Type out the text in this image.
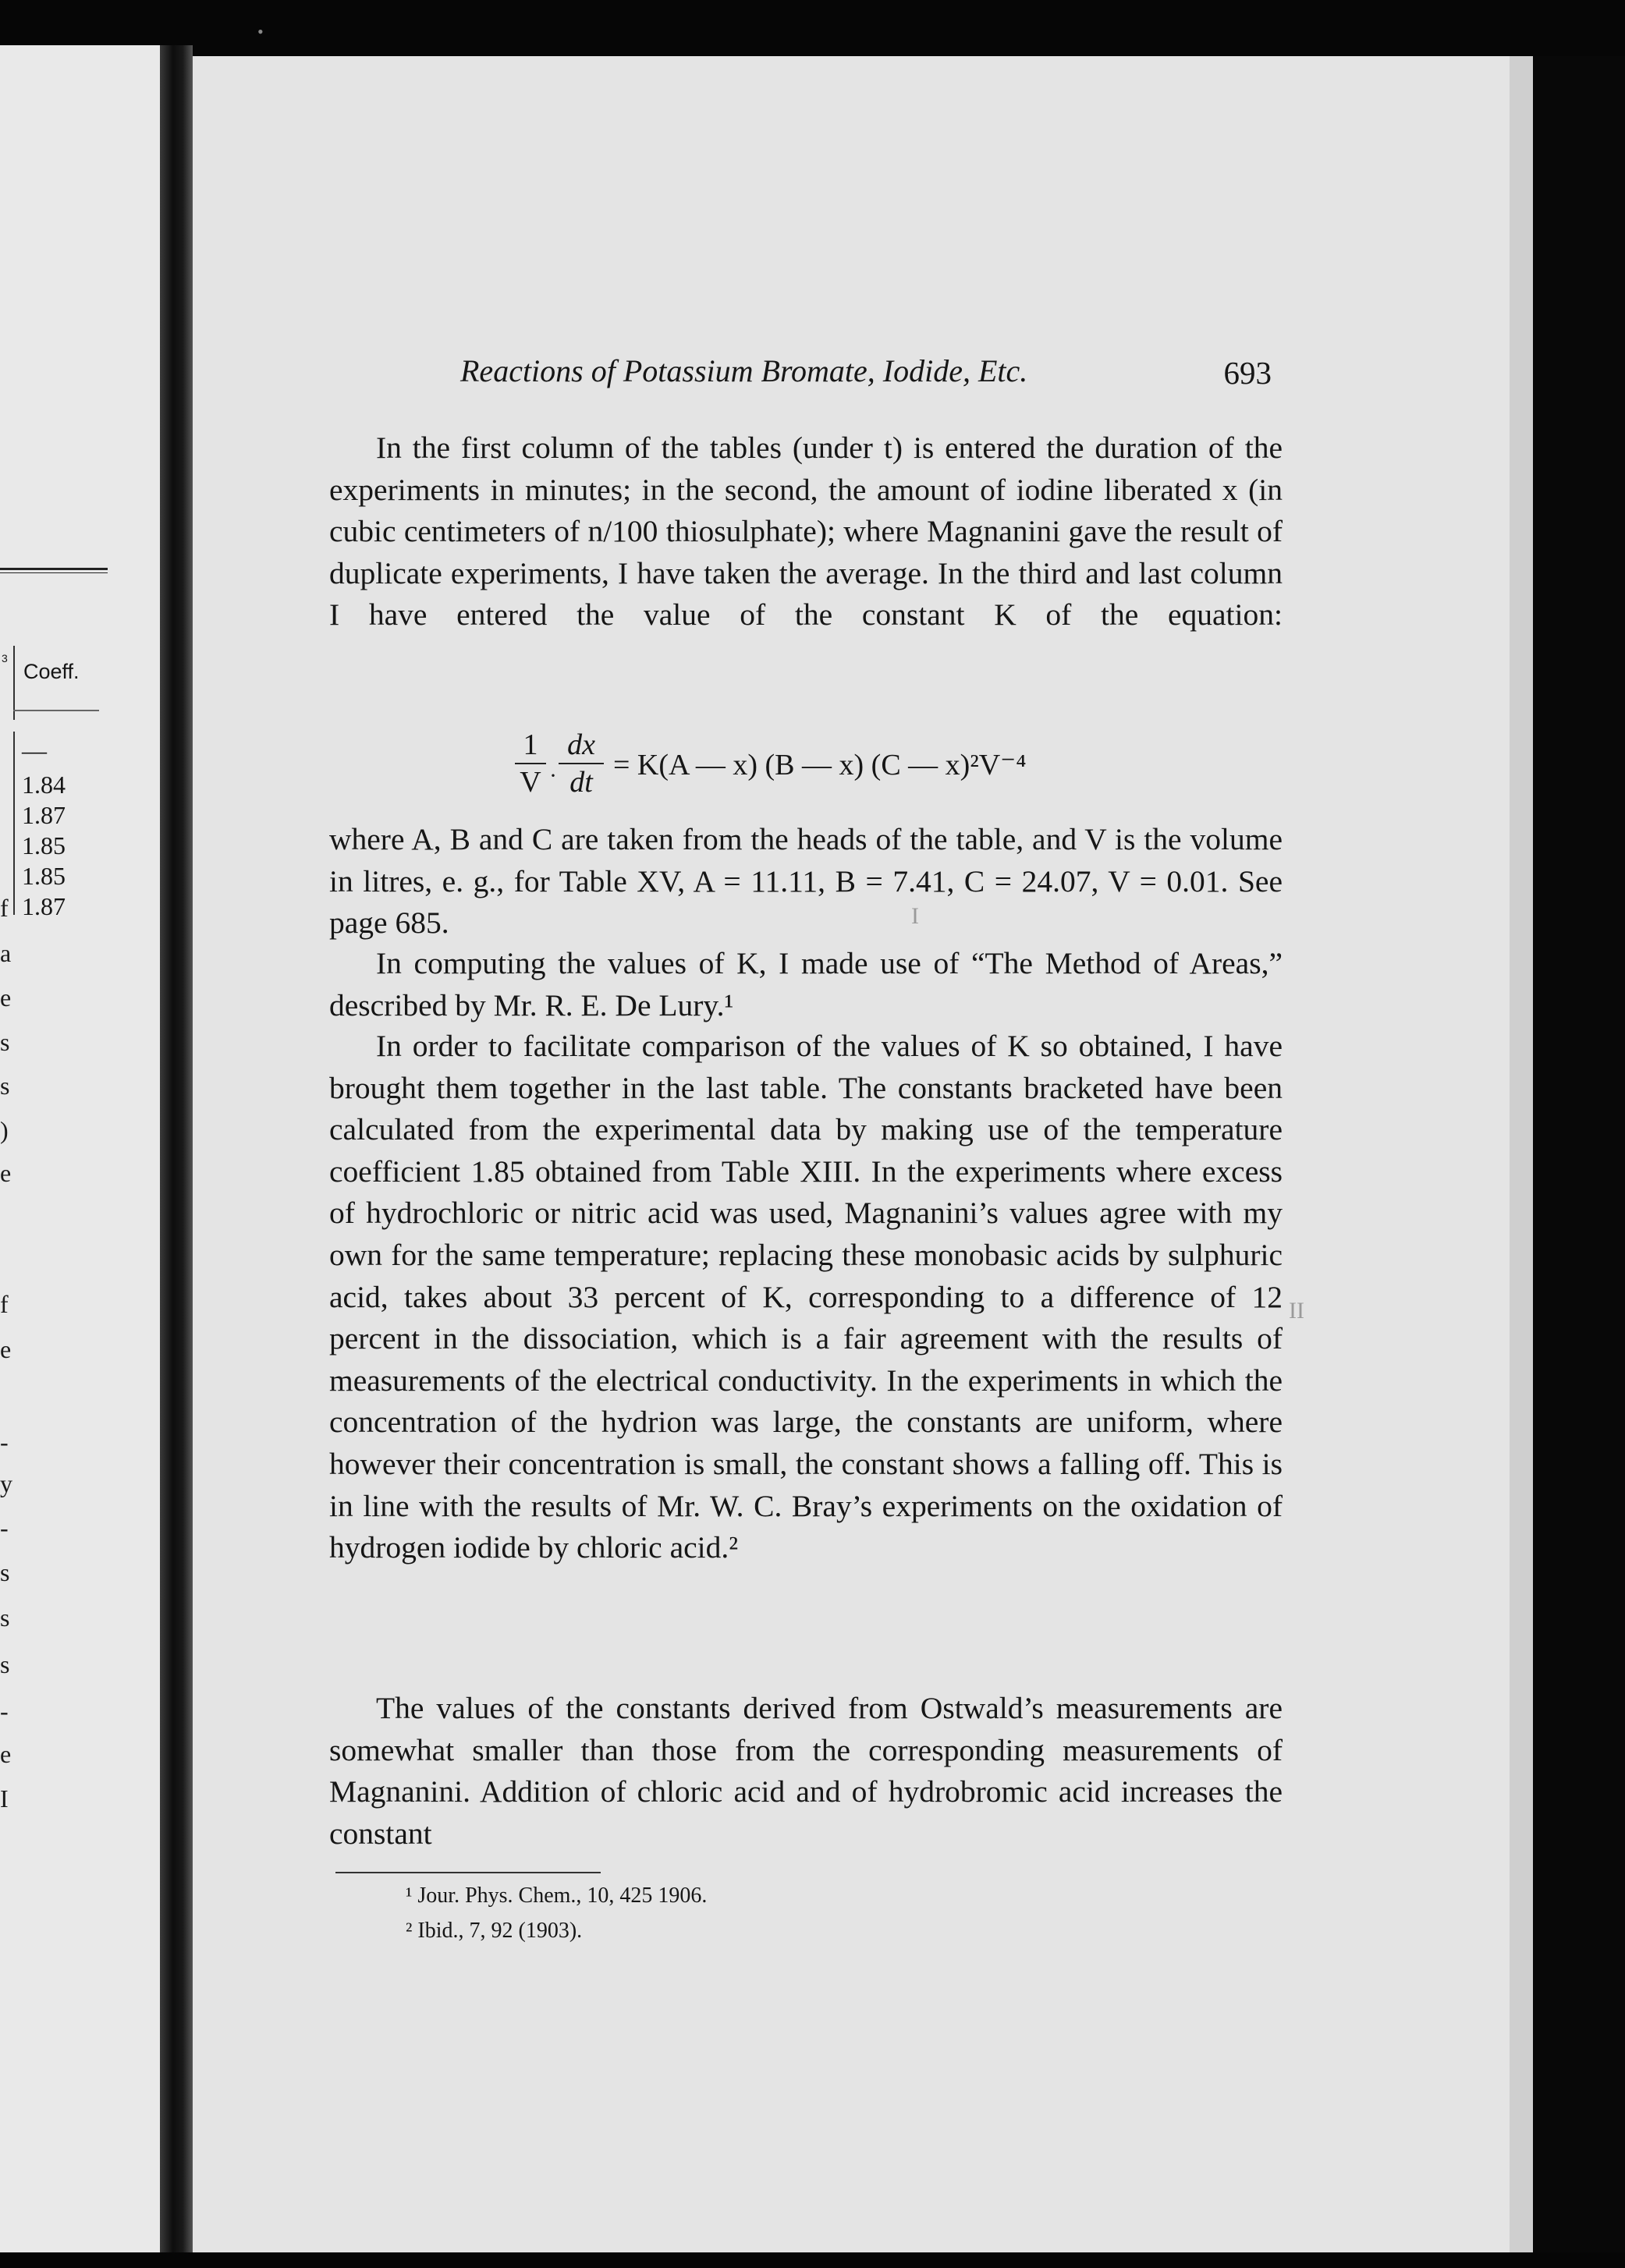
3
Coeff.
—
1.84
1.87
1.85
1.85
1.87
f
a
e
s
s
)
e
f
e
-
y
-
s
s
s
-
e
I
•
II
I
Reactions of Potassium Bromate, Iodide, Etc.	693

In the first column of the tables (under t) is entered the duration of the experiments in minutes; in the second, the amount of iodine liberated x (in cubic centimeters of n/100 thiosulphate); where Magnanini gave the result of duplicate experiments, I have taken the average. In the third and last column I have entered the value of the constant K of the equation:

1
V ·
dx
dt
= K(A — x) (B — x) (C — x)²V⁻⁴

where A, B and C are taken from the heads of the table, and V is the volume in litres, e. g., for Table XV, A = 11.11, B = 7.41, C = 24.07, V = 0.01. See page 685.

In computing the values of K, I made use of “The Method of Areas,” described by Mr. R. E. De Lury.¹

In order to facilitate comparison of the values of K so obtained, I have brought them together in the last table. The constants bracketed have been calculated from the experimental data by making use of the temperature coefficient 1.85 obtained from Table XIII. In the experiments where excess of hydrochloric or nitric acid was used, Magnanini’s values agree with my own for the same temperature; replacing these monobasic acids by sulphuric acid, takes about 33 percent of K, corresponding to a difference of 12 percent in the dissociation, which is a fair agreement with the results of measurements of the electrical conductivity. In the experiments in which the concentration of the hydrion was large, the constants are uniform, where however their concentration is small, the constant shows a falling off. This is in line with the results of Mr. W. C. Bray’s experiments on the oxidation of hydrogen iodide by chloric acid.²

The values of the constants derived from Ostwald’s measurements are somewhat smaller than those from the corresponding measurements of Magnanini. Addition of chloric acid and of hydrobromic acid increases the constant

¹ Jour. Phys. Chem., 10, 425 1906.
² Ibid., 7, 92 (1903).
